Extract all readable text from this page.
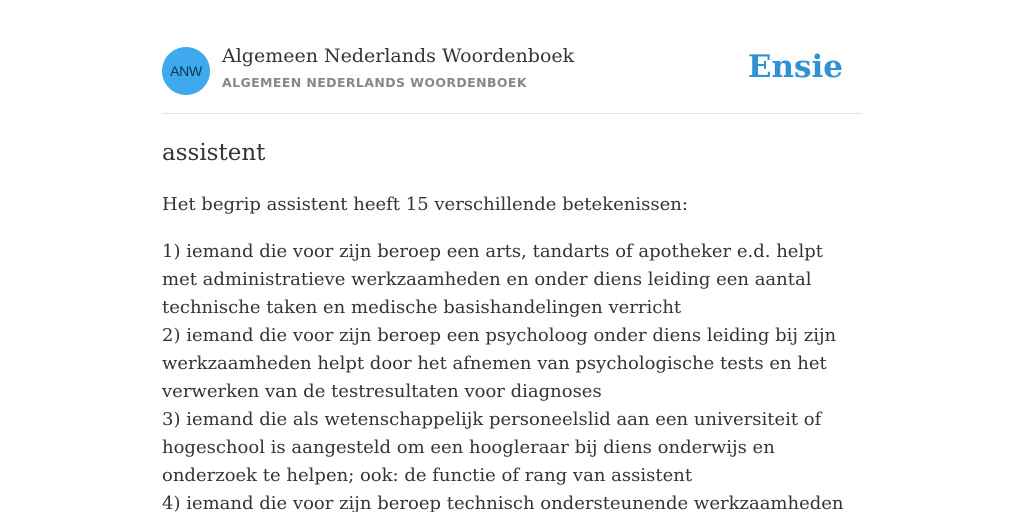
ANW
Algemeen Nederlands Woordenboek
ALGEMEEN NEDERLANDS WOORDENBOEK	Ensie
assistent

Het begrip assistent heeft 15 verschillende betekenissen:

1) iemand die voor zijn beroep een arts, tandarts of apotheker e.d. helpt met administratieve werkzaamheden en onder diens leiding een aantal technische taken en medische basishandelingen verricht
2) iemand die voor zijn beroep een psycholoog onder diens leiding bij zijn werkzaamheden helpt door het afnemen van psychologische tests en het verwerken van de testresultaten voor diagnoses
3) iemand die als wetenschappelijk personeelslid aan een universiteit of hogeschool is aangesteld om een hoogleraar bij diens onderwijs en onderzoek te helpen; ook: de functie of rang van assistent
4) iemand die voor zijn beroep technisch ondersteunende werkzaamheden
